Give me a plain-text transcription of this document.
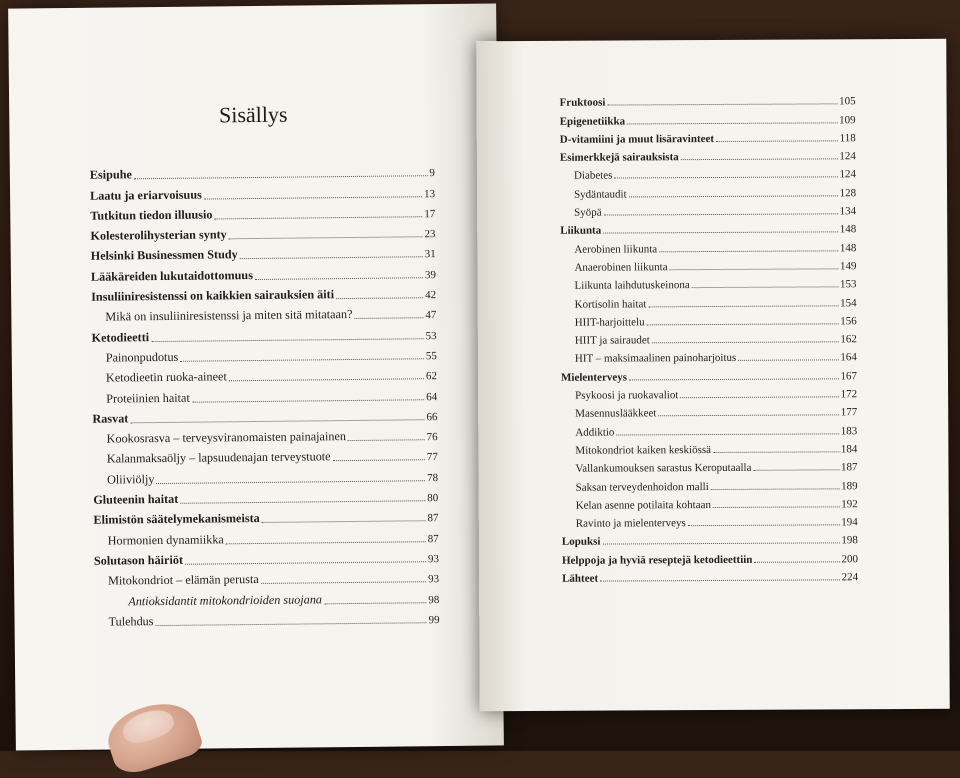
Sisällys
Esipuhe	9
Laatu ja eriarvoisuus	13
Tutkitun tiedon illuusio	17
Kolesterolihysterian synty	23
Helsinki Businessmen Study	31
Lääkäreiden lukutaidottomuus	39
Insuliiniresistenssi on kaikkien sairauksien äiti	42
Mikä on insuliiniresistenssi ja miten sitä mitataan?	47
Ketodieetti	53
Painonpudotus	55
Ketodieetin ruoka-aineet	62
Proteiinien haitat	64
Rasvat	66
Kookosrasva – terveysviranomaisten painajainen	76
Kalanmaksaöljy – lapsuudenajan terveystuote	77
Oliiviöljy	78
Gluteenin haitat	80
Elimistön säätelymekanismeista	87
Hormonien dynamiikka	87
Solutason häiriöt	93
Mitokondriot – elämän perusta	93
Antioksidantit mitokondrioiden suojana	98
Tulehdus	99
Fruktoosi	105
Epigenetiikka	109
D-vitamiini ja muut lisäravinteet	118
Esimerkkejä sairauksista	124
Diabetes	124
Sydäntaudit	128
Syöpä	134
Liikunta	148
Aerobinen liikunta	148
Anaerobinen liikunta	149
Liikunta laihdutuskeinona	153
Kortisolin haitat	154
HIIT-harjoittelu	156
HIIT ja sairaudet	162
HIT – maksimaalinen painoharjoitus	164
Mielenterveys	167
Psykoosi ja ruokavaliot	172
Masennuslääkkeet	177
Addiktio	183
Mitokondriot kaiken keskiössä	184
Vallankumouksen sarastus Keroputaalla	187
Saksan terveydenhoidon malli	189
Kelan asenne potilaita kohtaan	192
Ravinto ja mielenterveys	194
Lopuksi	198
Helppoja ja hyviä reseptejä ketodieettiin	200
Lähteet	224
